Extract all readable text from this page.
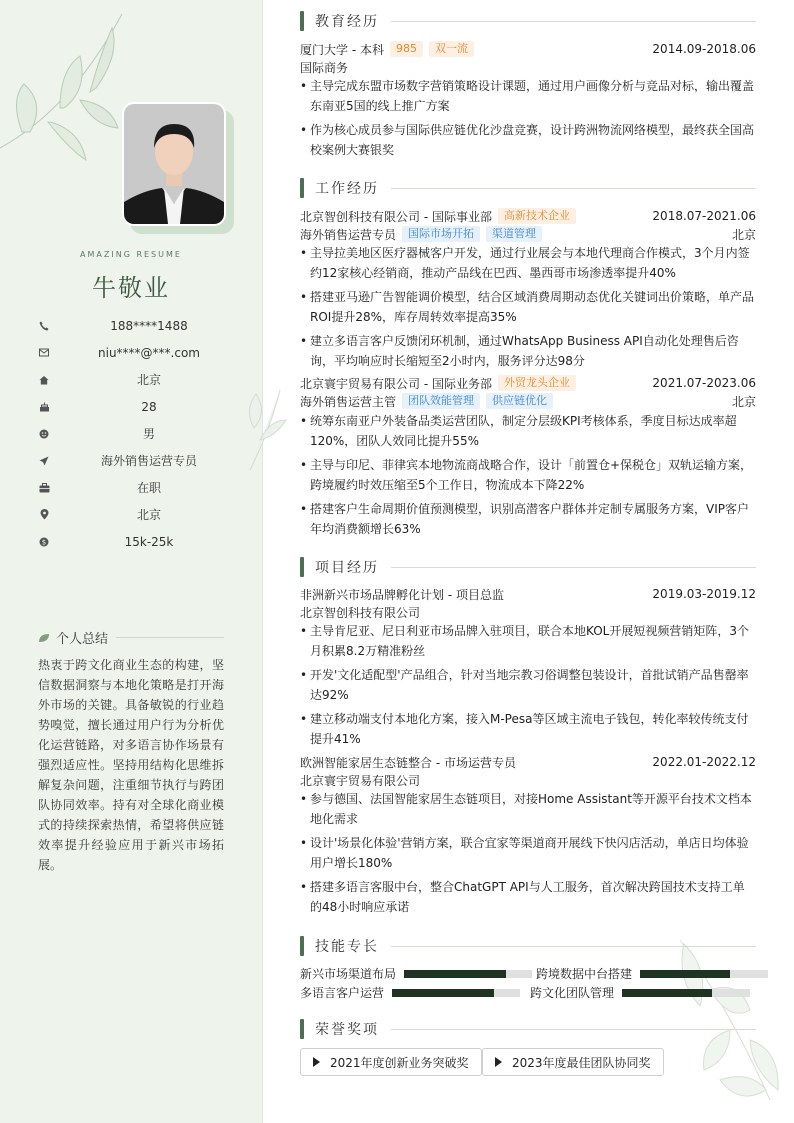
AMAZING RESUME
牛敬业
188****1488
niu****@***.com
北京
28
男
海外销售运营专员
在职
北京
$	15k-25k
个人总结
热衷于跨文化商业生态的构建，坚信数据洞察与本地化策略是打开海外市场的关键。具备敏锐的行业趋势嗅觉，擅长通过用户行为分析优化运营链路，对多语言协作场景有强烈适应性。坚持用结构化思维拆解复杂问题，注重细节执行与跨团队协同效率。持有对全球化商业模式的持续探索热情，希望将供应链效率提升经验应用于新兴市场拓展。
教育经历
厦门大学 - 本科	985	双一流	2014.09-2018.06
国际商务
• 主导完成东盟市场数字营销策略设计课题，通过用户画像分析与竞品对标，输出覆盖东南亚5国的线上推广方案
• 作为核心成员参与国际供应链优化沙盘竞赛，设计跨洲物流网络模型，最终获全国高校案例大赛银奖
工作经历
北京智创科技有限公司 - 国际事业部	高新技术企业	2018.07-2021.06
海外销售运营专员	国际市场开拓	渠道管理	北京
• 主导拉美地区医疗器械客户开发，通过行业展会与本地代理商合作模式，3个月内签约12家核心经销商，推动产品线在巴西、墨西哥市场渗透率提升40%
• 搭建亚马逊广告智能调价模型，结合区域消费周期动态优化关键词出价策略，单产品ROI提升28%，库存周转效率提高35%
• 建立多语言客户反馈闭环机制，通过WhatsApp Business API自动化处理售后咨询，平均响应时长缩短至2小时内，服务评分达98分
北京寰宇贸易有限公司 - 国际业务部	外贸龙头企业	2021.07-2023.06
海外销售运营主管	团队效能管理	供应链优化	北京
• 统筹东南亚户外装备品类运营团队，制定分层级KPI考核体系，季度目标达成率超120%，团队人效同比提升55%
• 主导与印尼、菲律宾本地物流商战略合作，设计「前置仓+保税仓」双轨运输方案，跨境履约时效压缩至5个工作日，物流成本下降22%
• 搭建客户生命周期价值预测模型，识别高潜客户群体并定制专属服务方案，VIP客户年均消费额增长63%
项目经历
非洲新兴市场品牌孵化计划 - 项目总监	2019.03-2019.12
北京智创科技有限公司
• 主导肯尼亚、尼日利亚市场品牌入驻项目，联合本地KOL开展短视频营销矩阵，3个月积累8.2万精准粉丝
• 开发'文化适配型'产品组合，针对当地宗教习俗调整包装设计，首批试销产品售罄率达92%
• 建立移动端支付本地化方案，接入M-Pesa等区域主流电子钱包，转化率较传统支付提升41%
欧洲智能家居生态链整合 - 市场运营专员	2022.01-2022.12
北京寰宇贸易有限公司
• 参与德国、法国智能家居生态链项目，对接Home Assistant等开源平台技术文档本地化需求
• 设计'场景化体验'营销方案，联合宜家等渠道商开展线下快闪店活动，单店日均体验用户增长180%
• 搭建多语言客服中台，整合ChatGPT API与人工服务，首次解决跨国技术支持工单的48小时响应承诺
技能专长
新兴市场渠道布局	跨境数据中台搭建
多语言客户运营	跨文化团队管理
荣誉奖项
2021年度创新业务突破奖	2023年度最佳团队协同奖
